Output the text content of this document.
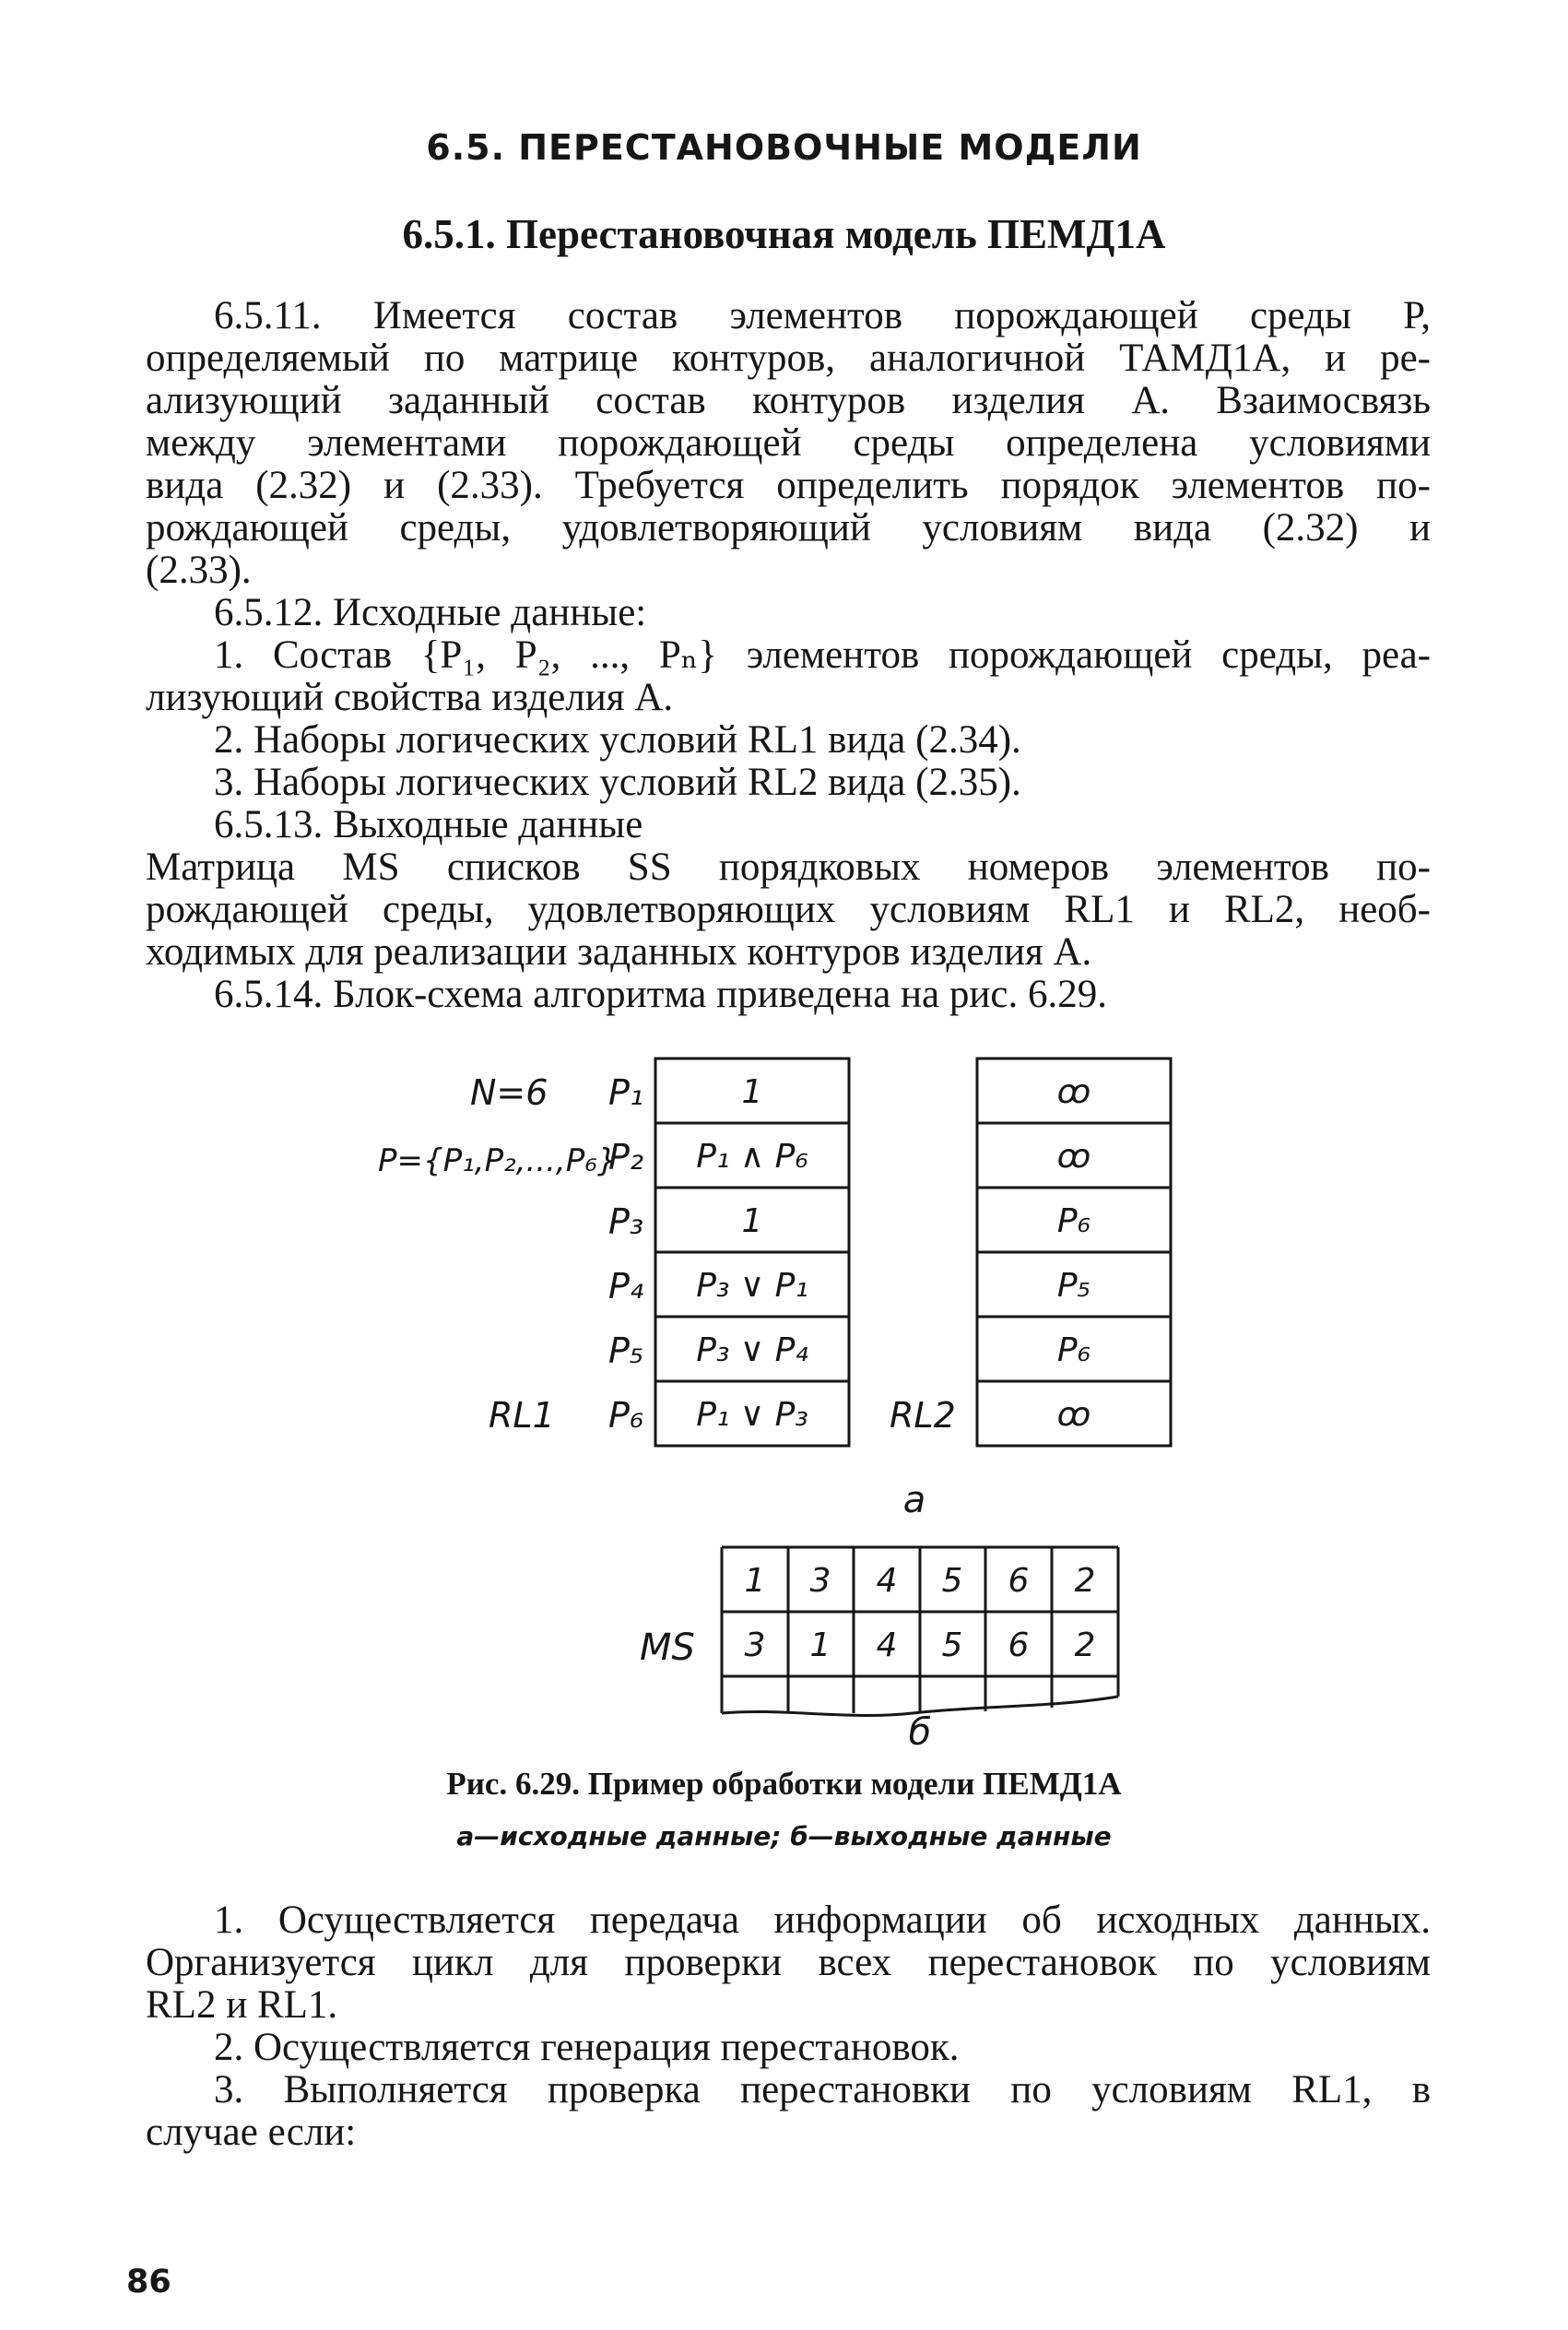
6.5. ПЕРЕСТАНОВОЧНЫЕ МОДЕЛИ
6.5.1. Перестановочная модель ПЕМД1А
6.5.11. Имеется состав элементов порождающей среды P,
определяемый по матрице контуров, аналогичной ТАМД1А, и ре-
ализующий заданный состав контуров изделия A. Взаимосвязь
между элементами порождающей среды определена условиями
вида (2.32) и (2.33). Требуется определить порядок элементов по-
рождающей среды, удовлетворяющий условиям вида (2.32) и
(2.33).
6.5.12. Исходные данные:
1. Состав {P₁, P₂, ..., Pₙ} элементов порождающей среды, реа-
лизующий свойства изделия A.
2. Наборы логических условий RL1 вида (2.34).
3. Наборы логических условий RL2 вида (2.35).
6.5.13. Выходные данные
Матрица MS списков SS порядковых номеров элементов по-
рождающей среды, удовлетворяющих условиям RL1 и RL2, необ-
ходимых для реализации заданных контуров изделия A.
6.5.14. Блок-схема алгоритма приведена на рис. 6.29.
N=6
P={P₁,P₂,...,P₆}
P₁
P₂
P₃
P₄
P₅
P₆
RL1	RL2
1
P₁ ∧ P₆
1
P₃ ∨ P₁
P₃ ∨ P₄
P₁ ∨ P₃
ꝏ
ꝏ
P₆
P₅
P₆
ꝏ
a
1 3 4 5 6 2
3 1 4 5 6 2
MS
б
Рис. 6.29. Пример обработки модели ПЕМД1А
а—исходные данные; б—выходные данные
1. Осуществляется передача информации об исходных данных.
Организуется цикл для проверки всех перестановок по условиям
RL2 и RL1.
2. Осуществляется генерация перестановок.
3. Выполняется проверка перестановки по условиям RL1, в
случае если:
86
